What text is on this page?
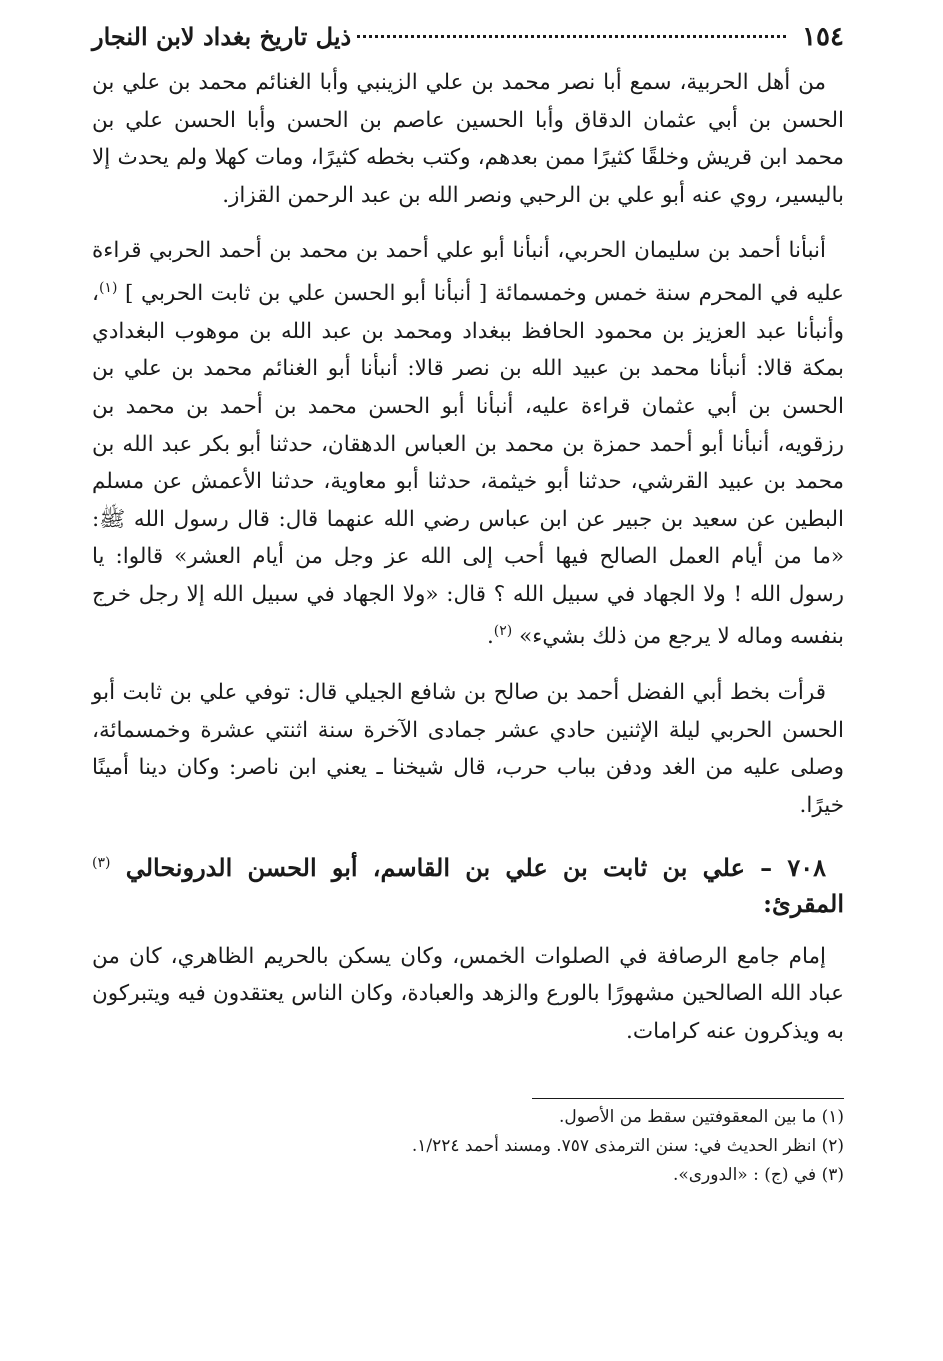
١٥٤
ذيل تاريخ بغداد لابن النجار

من أهل الحربية، سمع أبا نصر محمد بن علي الزينبي وأبا الغنائم محمد بن علي بن الحسن بن أبي عثمان الدقاق وأبا الحسين عاصم بن الحسن وأبا الحسن علي بن محمد ابن قريش وخلقًا كثيرًا ممن بعدهم، وكتب بخطه كثيرًا، ومات كهلا ولم يحدث إلا باليسير، روي عنه أبو علي بن الرحبي ونصر الله بن عبد الرحمن القزاز.

أنبأنا أحمد بن سليمان الحربي، أنبأنا أبو علي أحمد بن محمد بن أحمد الحربي قراءة عليه في المحرم سنة خمس وخمسمائة [ أنبأنا أبو الحسن علي بن ثابت الحربي ] $^{(١)}$، وأنبأنا عبد العزيز بن محمود الحافظ ببغداد ومحمد بن عبد الله بن موهوب البغدادي بمكة قالا: أنبأنا محمد بن عبيد الله بن نصر قالا: أنبأنا أبو الغنائم محمد بن علي بن الحسن بن أبي عثمان قراءة عليه، أنبأنا أبو الحسن محمد بن أحمد بن محمد بن رزقويه، أنبأنا أبو أحمد حمزة بن محمد بن العباس الدهقان، حدثنا أبو بكر عبد الله بن محمد بن عبيد القرشي، حدثنا أبو خيثمة، حدثنا أبو معاوية، حدثنا الأعمش عن مسلم البطين عن سعيد بن جبير عن ابن عباس رضي الله عنهما قال: قال رسول الله ﷺ: «ما من أيام العمل الصالح فيها أحب إلى الله عز وجل من أيام العشر» قالوا: يا رسول الله ! ولا الجهاد في سبيل الله ؟ قال: «ولا الجهاد في سبيل الله إلا رجل خرج بنفسه وماله لا يرجع من ذلك بشيء» $^{(٢)}$.

قرأت بخط أبي الفضل أحمد بن صالح بن شافع الجيلي قال: توفي علي بن ثابت أبو الحسن الحربي ليلة الإثنين حادي عشر جمادى الآخرة سنة اثنتي عشرة وخمسمائة، وصلى عليه من الغد ودفن بباب حرب، قال شيخنا ـ يعني ابن ناصر: وكان دينا أمينًا خيرًا.

٧٠٨ – علي بن ثابت بن علي بن القاسم، أبو الحسن الدرونحالي $^{(٣)}$ المقرئ:

إمام جامع الرصافة في الصلوات الخمس، وكان يسكن بالحريم الظاهري، كان من عباد الله الصالحين مشهورًا بالورع والزهد والعبادة، وكان الناس يعتقدون فيه ويتبركون به ويذكرون عنه كرامات.

(١) ما بين المعقوفتين سقط من الأصول.

(٢) انظر الحديث في: سنن الترمذى ٧٥٧. ومسند أحمد ١/٢٢٤.

(٣) في (ج) : «الدورى».
